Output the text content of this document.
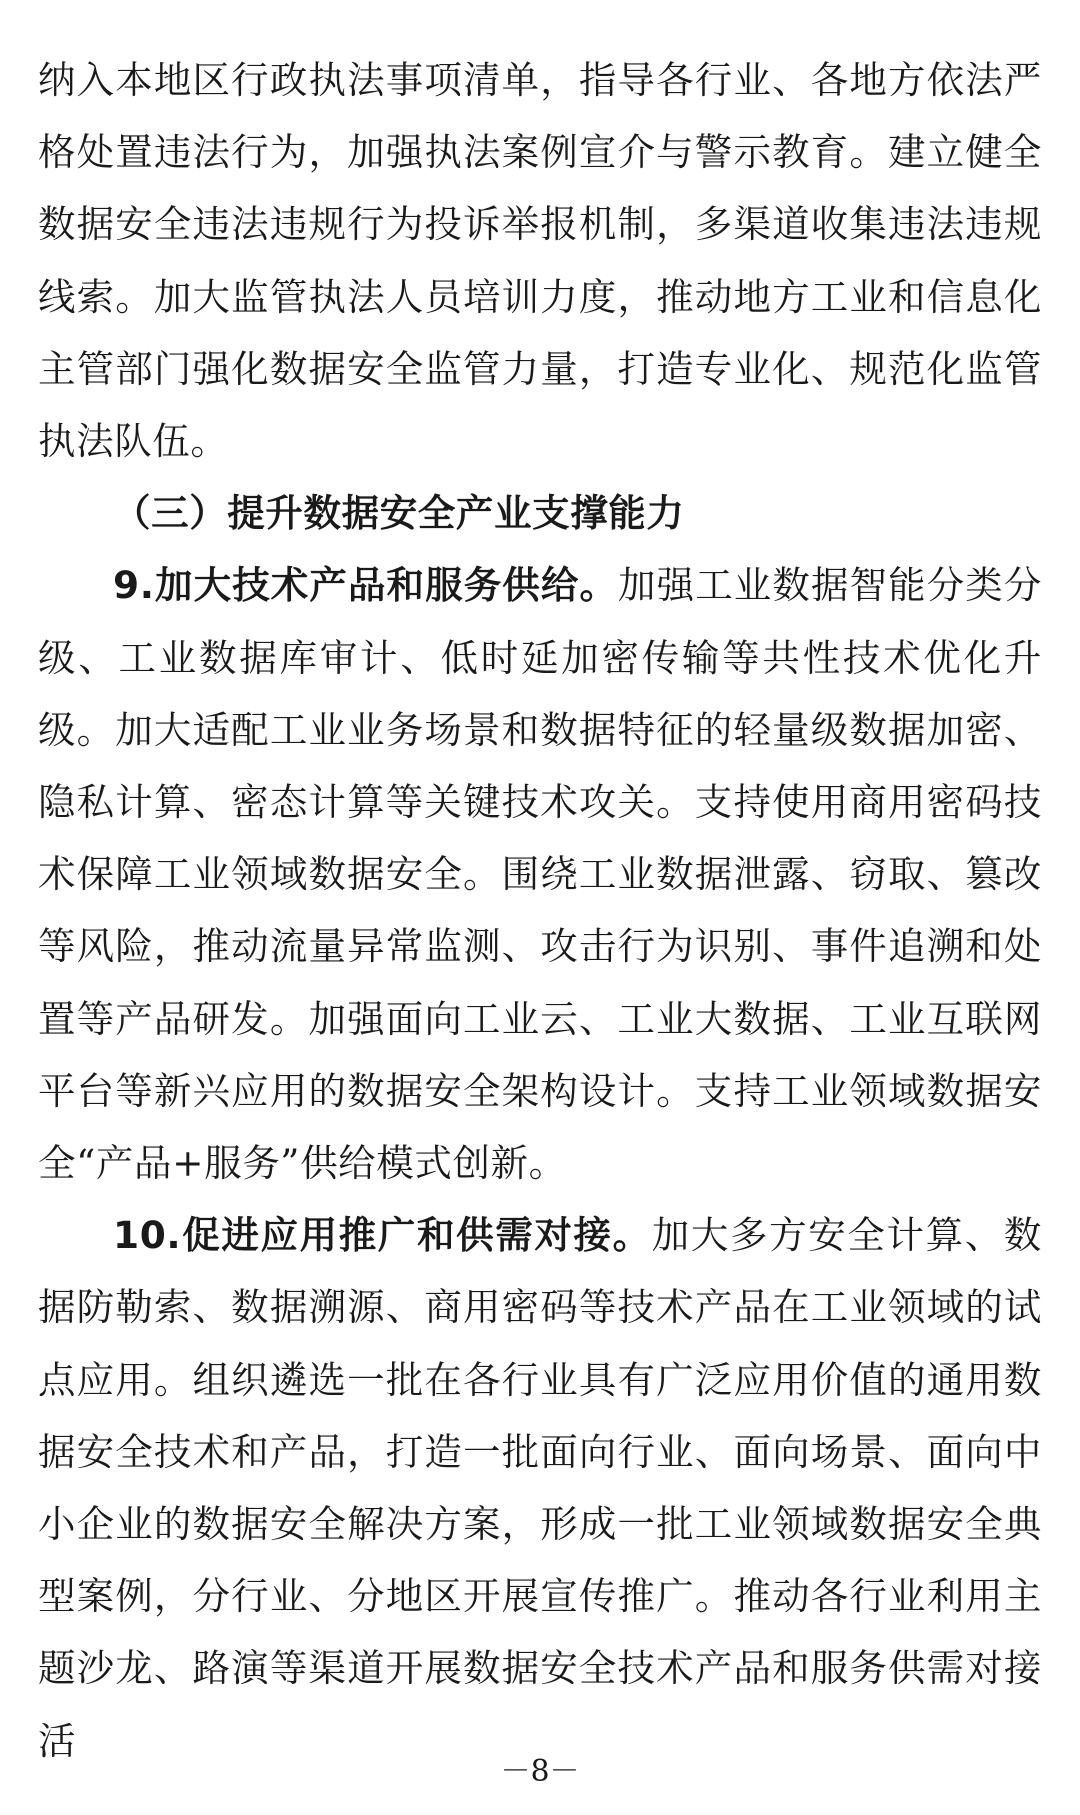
纳入本地区行政执法事项清单，指导各行业、各地方依法严格处置违法行为，加强执法案例宣介与警示教育。建立健全数据安全违法违规行为投诉举报机制，多渠道收集违法违规线索。加大监管执法人员培训力度，推动地方工业和信息化主管部门强化数据安全监管力量，打造专业化、规范化监管执法队伍。

（三）提升数据安全产业支撑能力

9.加大技术产品和服务供给。加强工业数据智能分类分级、工业数据库审计、低时延加密传输等共性技术优化升级。加大适配工业业务场景和数据特征的轻量级数据加密、隐私计算、密态计算等关键技术攻关。支持使用商用密码技术保障工业领域数据安全。围绕工业数据泄露、窃取、篡改等风险，推动流量异常监测、攻击行为识别、事件追溯和处置等产品研发。加强面向工业云、工业大数据、工业互联网平台等新兴应用的数据安全架构设计。支持工业领域数据安全“产品+服务”供给模式创新。

10.促进应用推广和供需对接。加大多方安全计算、数据防勒索、数据溯源、商用密码等技术产品在工业领域的试点应用。组织遴选一批在各行业具有广泛应用价值的通用数据安全技术和产品，打造一批面向行业、面向场景、面向中小企业的数据安全解决方案，形成一批工业领域数据安全典型案例，分行业、分地区开展宣传推广。推动各行业利用主题沙龙、路演等渠道开展数据安全技术产品和服务供需对接活

－8－
